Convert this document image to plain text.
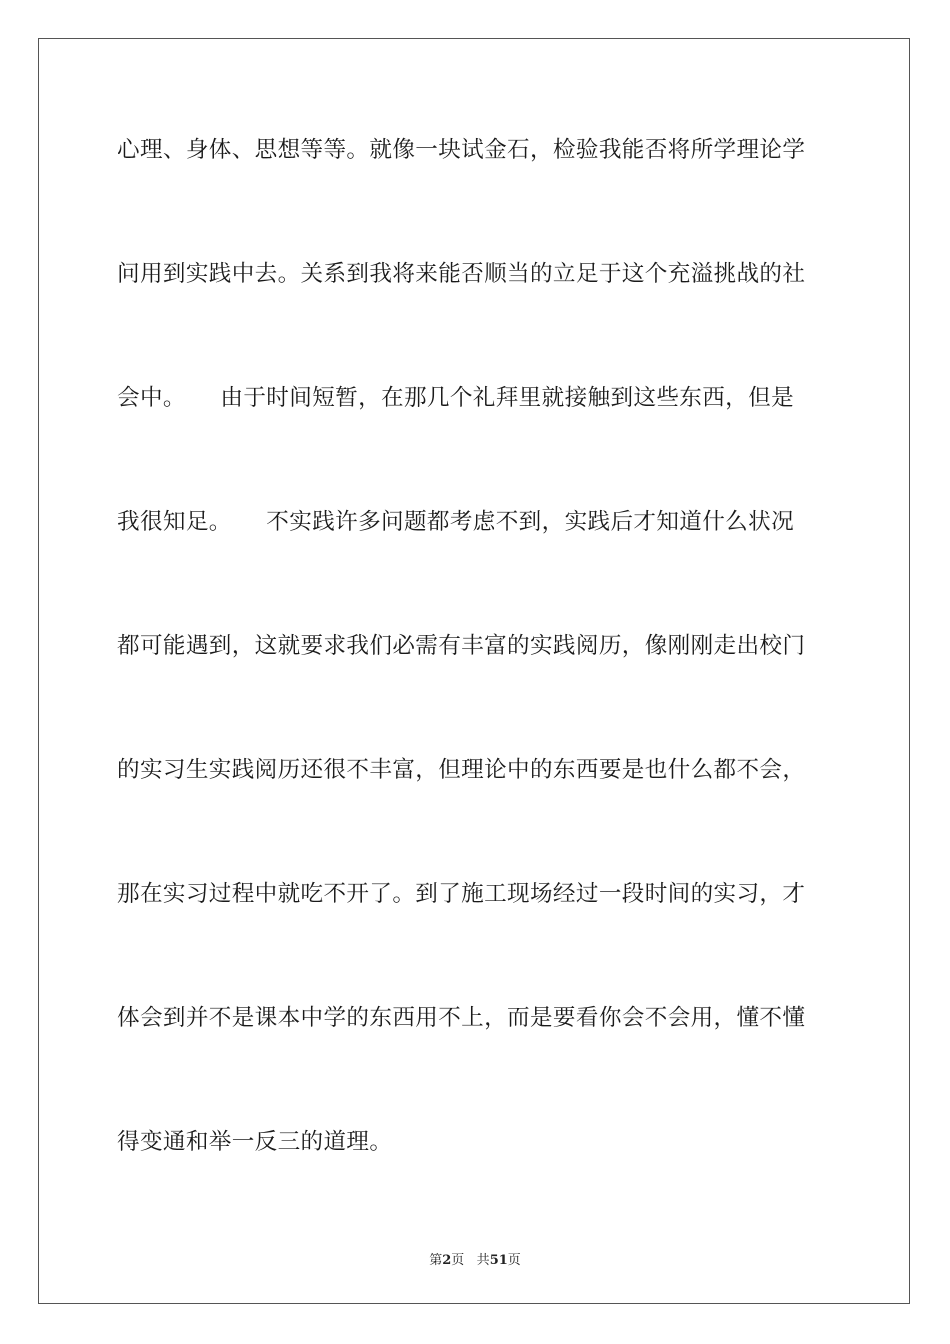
心理、身体、思想等等。就像一块试金石，检验我能否将所学理论学
问用到实践中去。关系到我将来能否顺当的立足于这个充溢挑战的社
会中。　　由于时间短暂，在那几个礼拜里就接触到这些东西，但是
我很知足。　　不实践许多问题都考虑不到，实践后才知道什么状况
都可能遇到，这就要求我们必需有丰富的实践阅历，像刚刚走出校门
的实习生实践阅历还很不丰富，但理论中的东西要是也什么都不会，
那在实习过程中就吃不开了。到了施工现场经过一段时间的实习，才
体会到并不是课本中学的东西用不上，而是要看你会不会用，懂不懂
得变通和举一反三的道理。
第2页 共51页
